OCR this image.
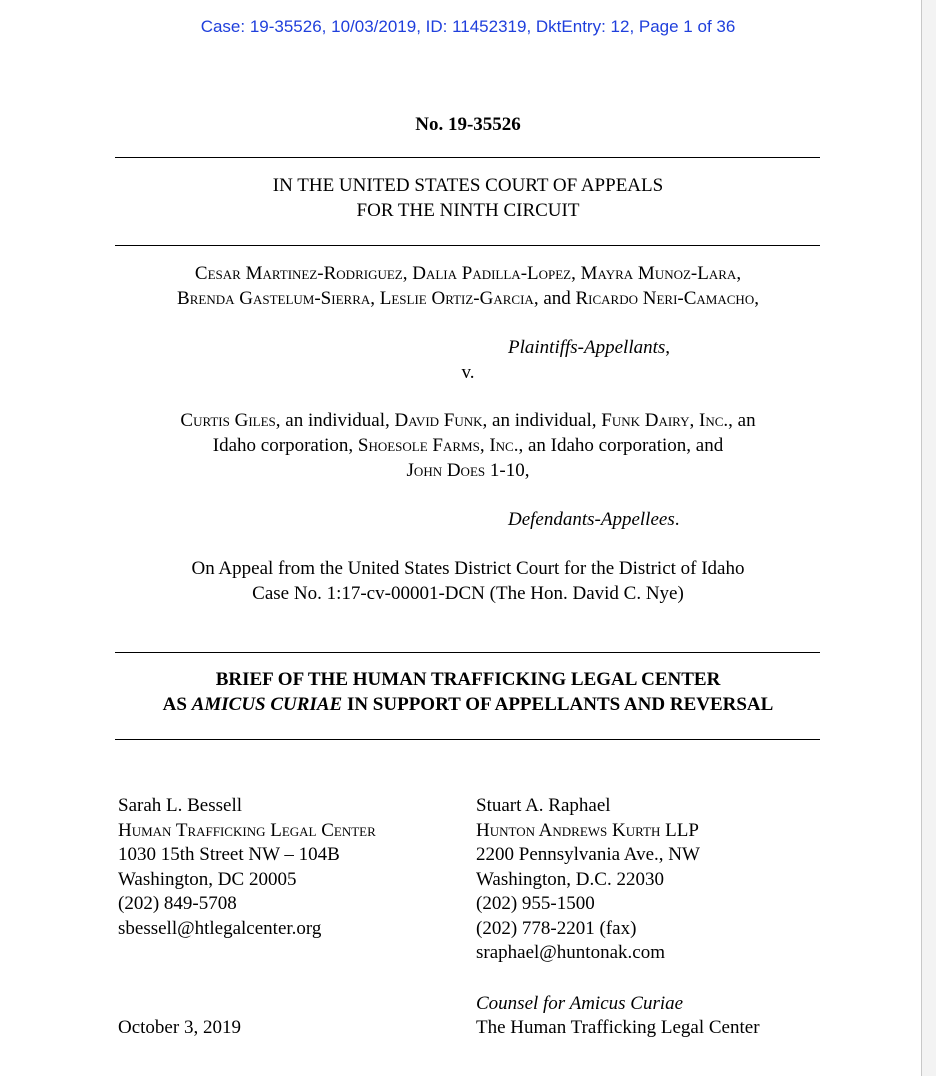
Case: 19-35526, 10/03/2019, ID: 11452319, DktEntry: 12, Page 1 of 36
No. 19-35526
IN THE UNITED STATES COURT OF APPEALS
FOR THE NINTH CIRCUIT
Cesar Martinez-Rodriguez, Dalia Padilla-Lopez, Mayra Munoz-Lara,
Brenda Gastelum-Sierra, Leslie Ortiz-Garcia, and Ricardo Neri-Camacho,
Plaintiffs-Appellants,
v.
Curtis Giles, an individual, David Funk, an individual, Funk Dairy, Inc., an
Idaho corporation, Shoesole Farms, Inc., an Idaho corporation, and
John Does 1-10,
Defendants-Appellees.
On Appeal from the United States District Court for the District of Idaho
Case No. 1:17-cv-00001-DCN (The Hon. David C. Nye)
BRIEF OF THE HUMAN TRAFFICKING LEGAL CENTER
AS AMICUS CURIAE IN SUPPORT OF APPELLANTS AND REVERSAL
Sarah L. Bessell
Human Trafficking Legal Center
1030 15th Street NW – 104B
Washington, DC 20005
(202) 849-5708
sbessell@htlegalcenter.org
Stuart A. Raphael
Hunton Andrews Kurth LLP
2200 Pennsylvania Ave., NW
Washington, D.C. 22030
(202) 955-1500
(202) 778-2201 (fax)
sraphael@huntonak.com
Counsel for Amicus Curiae
The Human Trafficking Legal Center
October 3, 2019
